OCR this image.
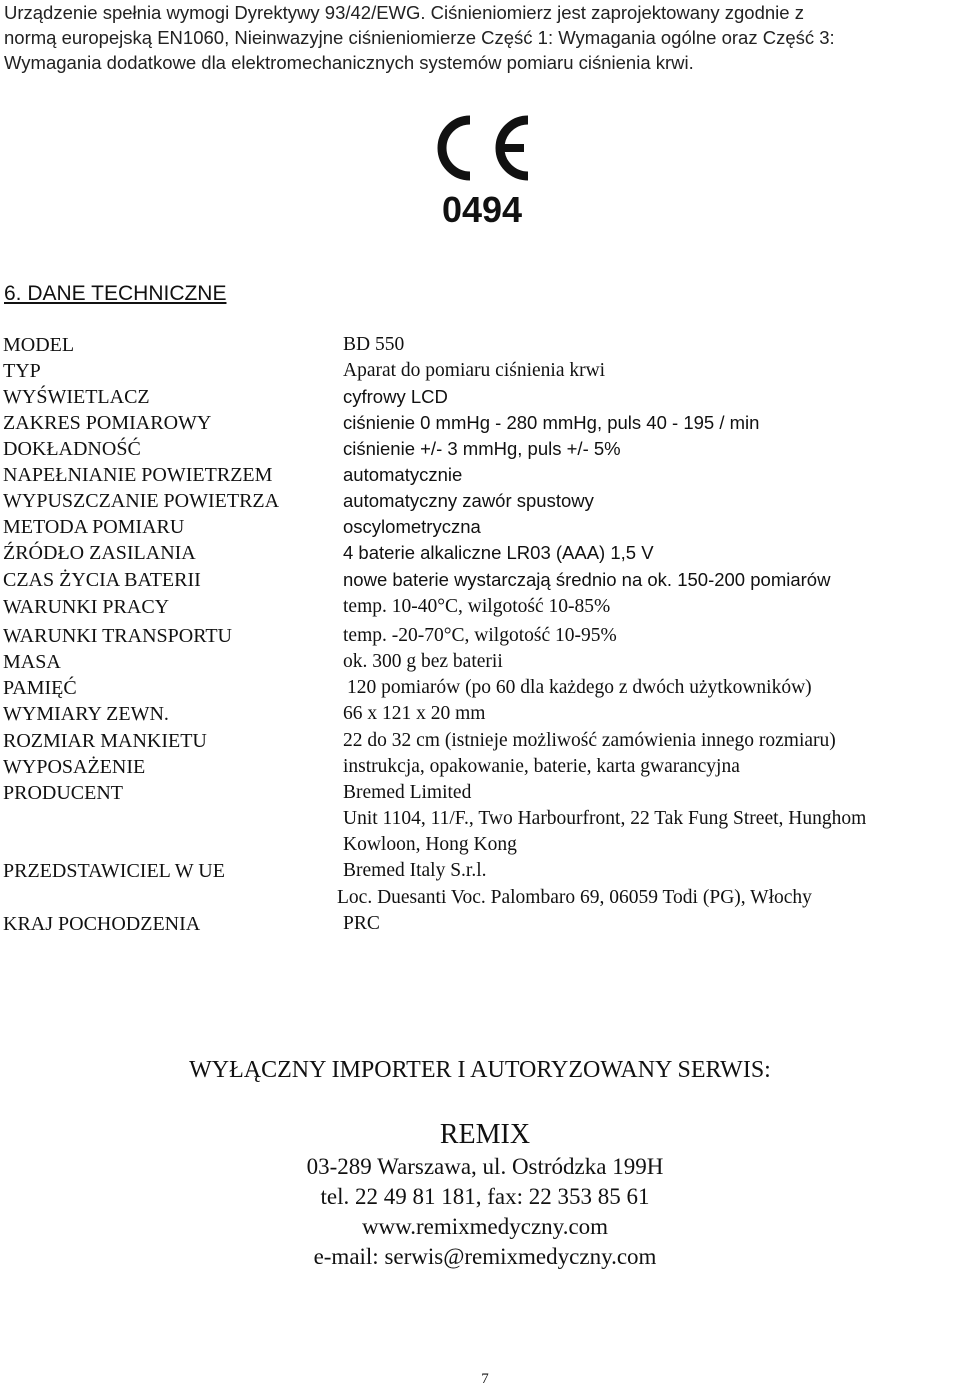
Urządzenie spełnia wymogi Dyrektywy 93/42/EWG. Ciśnieniomierz jest zaprojektowany zgodnie z
normą europejską EN1060, Nieinwazyjne ciśnieniomierze Część 1: Wymagania ogólne oraz Część 3:
Wymagania dodatkowe dla elektromechanicznych systemów pomiaru ciśnienia krwi.
0494
6. DANE TECHNICZNE
MODEL	BD 550
TYP	Aparat do pomiaru ciśnienia krwi
WYŚWIETLACZ	cyfrowy LCD
ZAKRES POMIAROWY	ciśnienie 0 mmHg - 280 mmHg, puls 40 - 195 / min
DOKŁADNOŚĆ	ciśnienie +/- 3 mmHg, puls +/- 5%
NAPEŁNIANIE POWIETRZEM	automatycznie
WYPUSZCZANIE POWIETRZA	automatyczny zawór spustowy
METODA POMIARU	oscylometryczna
ŹRÓDŁO ZASILANIA	4 baterie alkaliczne LR03 (AAA) 1,5 V
CZAS ŻYCIA BATERII	nowe baterie wystarczają średnio na ok. 150-200 pomiarów
WARUNKI PRACY	temp. 10-40°C, wilgotość 10-85%
WARUNKI TRANSPORTU	temp. -20-70°C, wilgotość 10-95%
MASA	ok. 300 g bez baterii
PAMIĘĆ	120 pomiarów (po 60 dla każdego z dwóch użytkowników)
WYMIARY ZEWN.	66 x 121 x 20 mm
ROZMIAR MANKIETU	22 do 32 cm (istnieje możliwość zamówienia innego rozmiaru)
WYPOSAŻENIE	instrukcja, opakowanie, baterie, karta gwarancyjna
PRODUCENT	Bremed Limited
Unit 1104, 11/F., Two Harbourfront, 22 Tak Fung Street, Hunghom
Kowloon, Hong Kong
PRZEDSTAWICIEL W UE	Bremed Italy S.r.l.
Loc. Duesanti Voc. Palombaro 69, 06059 Todi (PG), Włochy
KRAJ POCHODZENIA	PRC
WYŁĄCZNY IMPORTER I AUTORYZOWANY SERWIS:
REMIX
03-289 Warszawa, ul. Ostródzka 199H
tel. 22 49 81 181, fax: 22 353 85 61
www.remixmedyczny.com
e-mail: serwis@remixmedyczny.com
7
